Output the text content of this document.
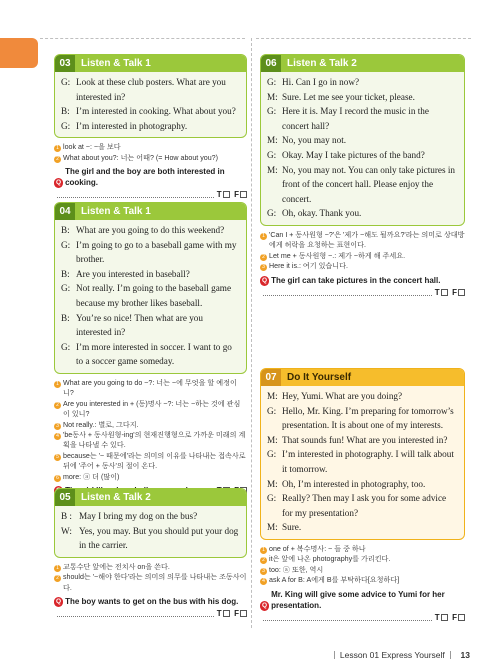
03	Listen & Talk 1
G: Look at these club posters. What are you interested in?
B: I’m interested in cooking. What about you?
G: I’m interested in photography.
1 look at ~: ~을 보다
2 What about you?: 너는 어때? (= How about you?)
Q
The girl and the boy are both interested in cooking.
T F
04	Listen & Talk 1
B: What are you going to do this weekend?
G: I’m going to go to a baseball game with my brother.
B: Are you interested in baseball?
G: Not really. I’m going to the baseball game because my brother likes baseball.
B: You’re so nice! Then what are you interested in?
G: I’m more interested in soccer. I want to go to a soccer game someday.
1 What are you going to do ~?: 너는 ~에 무엇을 할 예정이니?
2 Are you interested in + (동)명사 ~?: 너는 ~하는 것에 관심이 있니?
3 Not really.: 별로, 그다지.
4 'be동사 + 동사원형-ing'의 현재진행형으로 가까운 미래의 계획을 나타낼 수 있다.
5 because는 '~ 때문에'라는 의미의 이유를 나타내는 접속사로 뒤에 '주어 + 동사'의 절이 온다.
6 more: ⓐ 더 (많이)

05	Listen & Talk 2
B : May I bring my dog on the bus?
W: Yes, you may. But you should put your dog in the carrier.
1 교통수단 앞에는 전치사 on을 쓴다.
2 should는 '~해야 한다'라는 의미의 의무를 나타내는 조동사이다.
Q The boy wants to get on the bus with his dog.
T F
06	Listen & Talk 2
G: Hi. Can I go in now?
M: Sure. Let me see your ticket, please.
G: Here it is. May I record the music in the concert hall?
M: No, you may not.
G: Okay. May I take pictures of the band?
M: No, you may not. You can only take pictures in front of the concert hall. Please enjoy the concert.
G: Oh, okay. Thank you.
1 'Can I + 동사원형 ~?'은 '제가 ~해도 될까요?'라는 의미로 상대방에게 허락을 요청하는 표현이다.
2 Let me + 동사원형 ~.: 제가 ~하게 해 주세요.
3 Here it is.: 여기 있습니다.
Q The girl can take pictures in the concert hall.
T F
07	Do It Yourself
M: Hey, Yumi. What are you doing?
G: Hello, Mr. King. I’m preparing for tomorrow’s presentation. It is about one of my interests.
M: That sounds fun! What are you interested in?
G: I’m interested in photography. I will talk about it tomorrow.
M: Oh, I’m interested in photography, too.
G: Really? Then may I ask you for some advice for my presentation?
M: Sure.
1 one of + 복수명사: ~ 들 중 하나
2 it은 앞에 나온 photography를 가리킨다.
3 too: ⓐ 또한, 역시
4 ask A for B: A에게 B를 부탁하다[요청하다]
Q
Mr. King will give some advice to Yumi for her presentation.
T F
Lesson 01 Express Yourself 13
